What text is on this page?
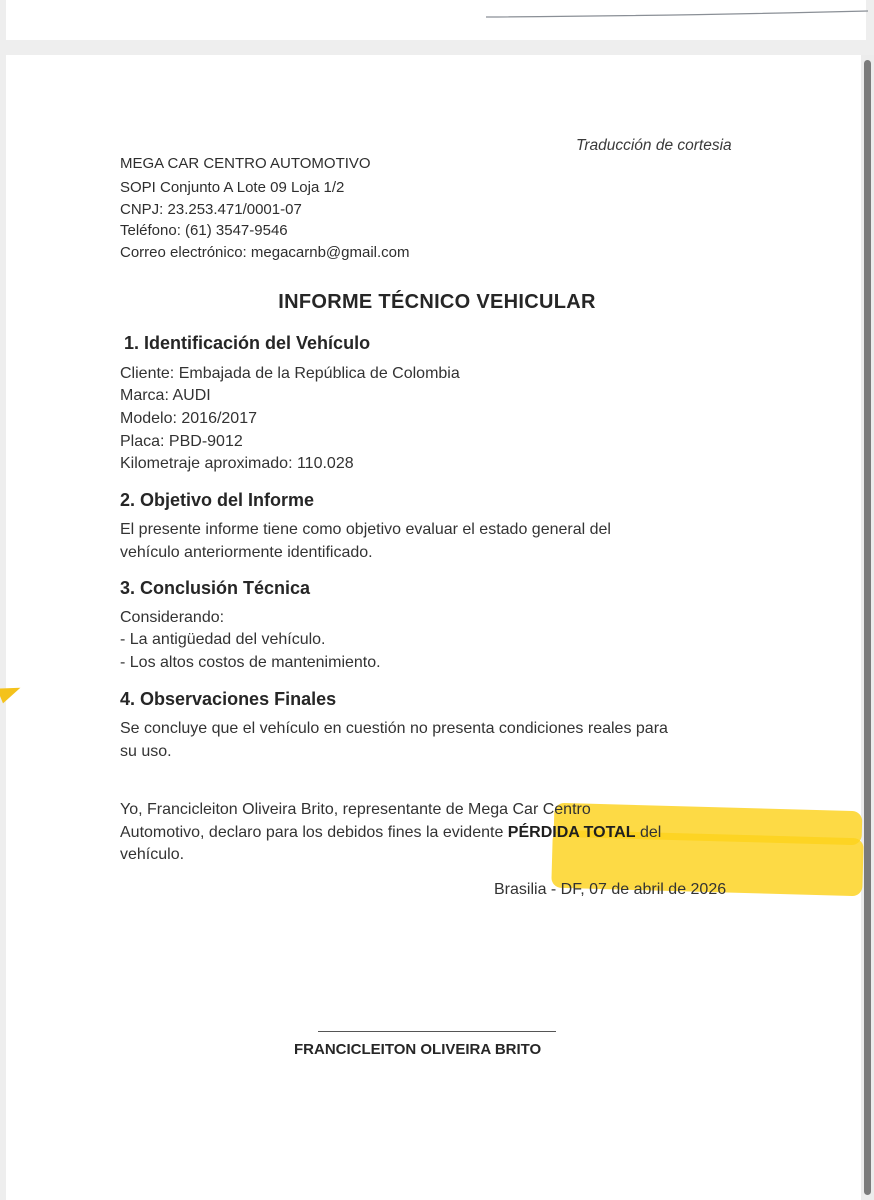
Traducción de cortesia
MEGA CAR CENTRO AUTOMOTIVO
SOPI Conjunto A Lote 09 Loja 1/2
CNPJ: 23.253.471/0001-07
Teléfono: (61) 3547-9546
Correo electrónico: megacarnb@gmail.com
INFORME TÉCNICO VEHICULAR
1. Identificación del Vehículo
Cliente: Embajada de la República de Colombia
Marca: AUDI
Modelo: 2016/2017
Placa: PBD-9012
Kilometraje aproximado: 110.028
2. Objetivo del Informe
El presente informe tiene como objetivo evaluar el estado general del
vehículo anteriormente identificado.
3. Conclusión Técnica
Considerando:
- La antigüedad del vehículo.
- Los altos costos de mantenimiento.
4. Observaciones Finales
Se concluye que el vehículo en cuestión no presenta condiciones reales para
su uso.
Yo, Francicleiton Oliveira Brito, representante de Mega Car Centro
Automotivo, declaro para los debidos fines la evidente PÉRDIDA TOTAL del
vehículo.
Brasilia - DF, 07 de abril de 2026
FRANCICLEITON OLIVEIRA BRITO
